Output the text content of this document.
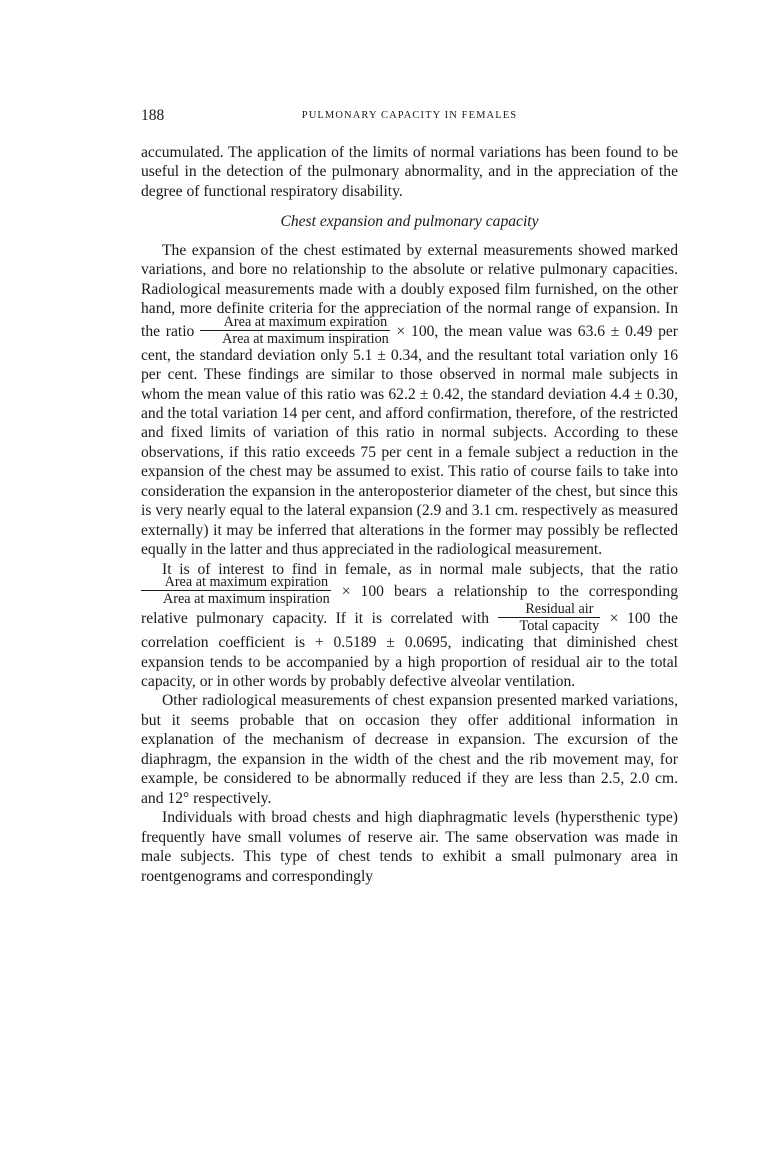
188	PULMONARY CAPACITY IN FEMALES

accumulated. The application of the limits of normal variations has been found to be useful in the detection of the pulmonary abnormality, and in the appreciation of the degree of functional respiratory disability.

Chest expansion and pulmonary capacity

The expansion of the chest estimated by external measurements showed marked variations, and bore no relationship to the absolute or relative pulmonary capacities. Radiological measurements made with a doubly exposed film furnished, on the other hand, more definite criteria for the appreciation of the normal range of expansion. In the ratio $\frac{\text{Area at maximum expiration}}{\text{Area at maximum inspiration}} \times 100$, the mean value was 63.6 ± 0.49 per cent, the standard deviation only 5.1 ± 0.34, and the resultant total variation only 16 per cent. These findings are similar to those observed in normal male subjects in whom the mean value of this ratio was 62.2 ± 0.42, the standard deviation 4.4 ± 0.30, and the total variation 14 per cent, and afford confirmation, therefore, of the restricted and fixed limits of variation of this ratio in normal subjects. According to these observations, if this ratio exceeds 75 per cent in a female subject a reduction in the expansion of the chest may be assumed to exist. This ratio of course fails to take into consideration the expansion in the anteroposterior diameter of the chest, but since this is very nearly equal to the lateral expansion (2.9 and 3.1 cm. respectively as measured externally) it may be inferred that alterations in the former may possibly be reflected equally in the latter and thus appreciated in the radiological measurement.

It is of interest to find in female, as in normal male subjects, that the ratio
$\frac{\text{Area at maximum expiration}}{\text{Area at maximum inspiration}} \times 100$ bears a relationship to the corresponding relative pulmonary capacity. If it is correlated with $\frac{\text{Residual air}}{\text{Total capacity}} \times 100$ the correlation coefficient is + 0.5189 ± 0.0695, indicating that diminished chest expansion tends to be accompanied by a high proportion of residual air to the total capacity, or in other words by probably defective alveolar ventilation.

Other radiological measurements of chest expansion presented marked variations, but it seems probable that on occasion they offer additional information in explanation of the mechanism of decrease in expansion. The excursion of the diaphragm, the expansion in the width of the chest and the rib movement may, for example, be considered to be abnormally reduced if they are less than 2.5, 2.0 cm. and 12° respectively.

Individuals with broad chests and high diaphragmatic levels (hypersthenic type) frequently have small volumes of reserve air. The same observation was made in male subjects. This type of chest tends to exhibit a small pulmonary area in roentgenograms and correspondingly
